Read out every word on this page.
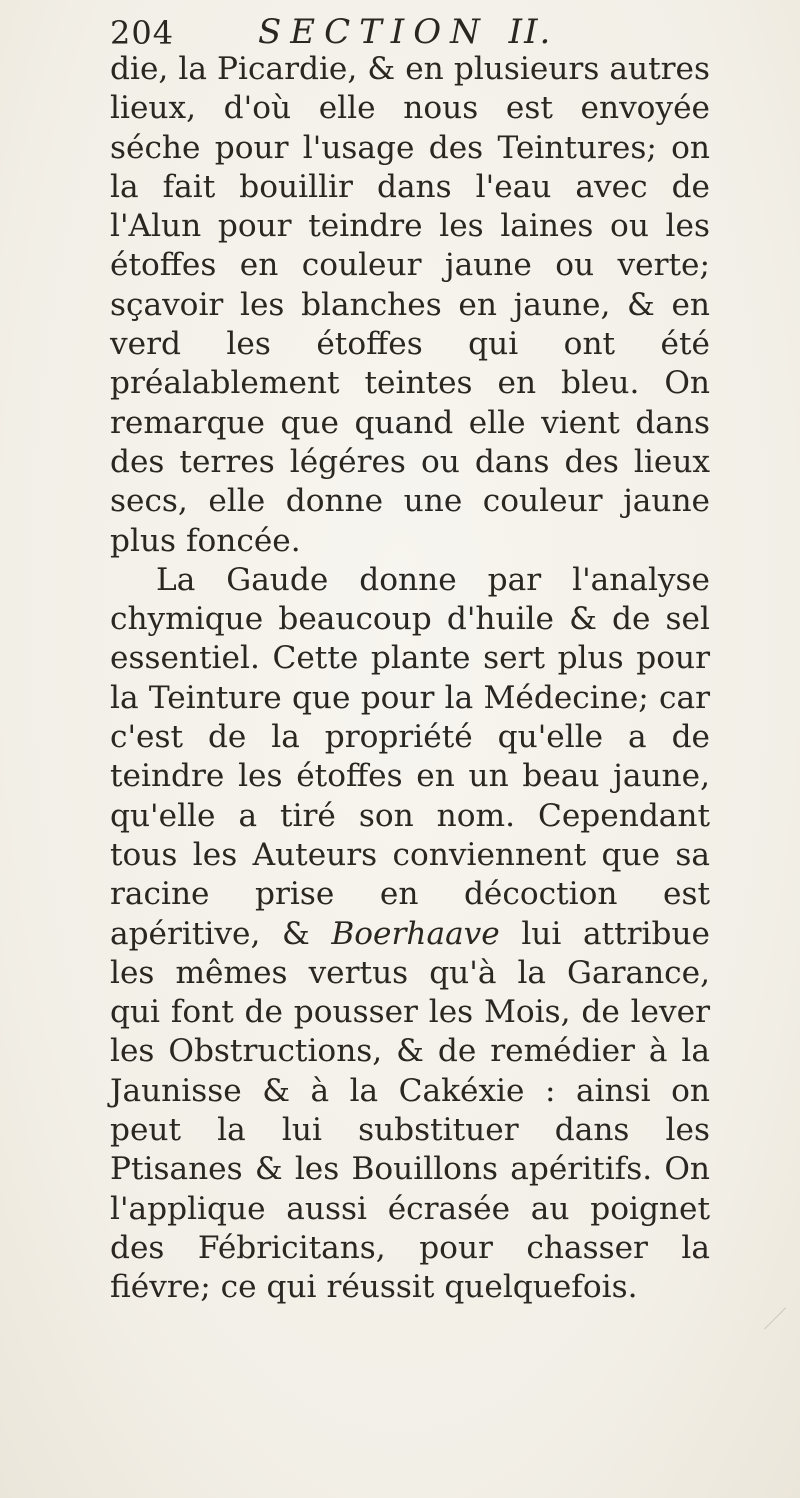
204 SECTION II.

die, la Picardie, & en plusieurs autres lieux, d'où elle nous est envoyée séche pour l'usage des Teintures; on la fait bouillir dans l'eau avec de l'Alun pour teindre les laines ou les étoffes en couleur jaune ou verte; sçavoir les blanches en jaune, & en verd les étoffes qui ont été préalablement teintes en bleu. On remarque que quand elle vient dans des terres légéres ou dans des lieux secs, elle donne une couleur jaune plus foncée.

La Gaude donne par l'analyse chymique beaucoup d'huile & de sel essentiel. Cette plante sert plus pour la Teinture que pour la Médecine; car c'est de la propriété qu'elle a de teindre les étoffes en un beau jaune, qu'elle a tiré son nom. Cependant tous les Auteurs conviennent que sa racine prise en décoction est apéritive, & Boerhaave lui attribue les mêmes vertus qu'à la Garance, qui font de pousser les Mois, de lever les Obstructions, & de remédier à la Jaunisse & à la Cakéxie : ainsi on peut la lui substituer dans les Ptisanes & les Bouillons apéritifs. On l'applique aussi écrasée au poignet des Fébricitans, pour chasser la fiévre; ce qui réussit quelquefois.
